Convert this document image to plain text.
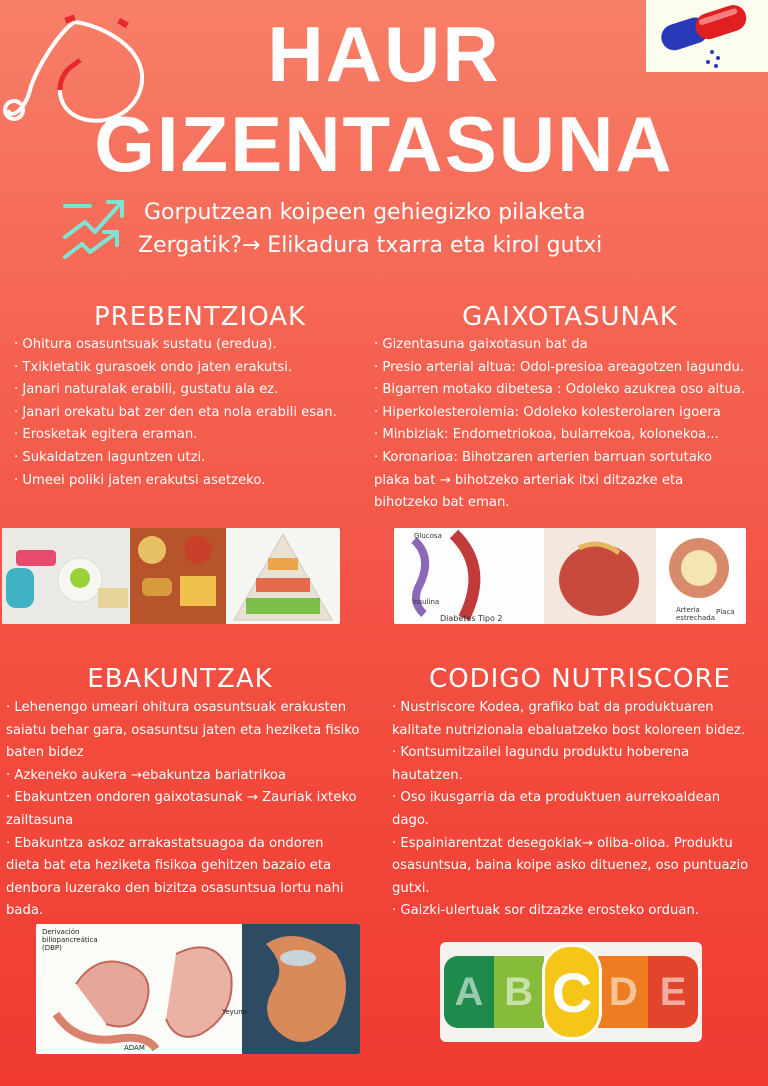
HAUR
GIZENTASUNA
Gorputzean koipeen gehiegizko pilaketa
Zergatik?→ Elikadura txarra eta kirol gutxi
PREBENTZIOAK
· Ohitura osasuntsuak sustatu (eredua).
· Txikietatik gurasoek ondo jaten erakutsi.
· Janari naturalak erabili, gustatu ala ez.
· Janari orekatu bat zer den eta nola erabili esan.
· Erosketak egitera eraman.
· Sukaldatzen laguntzen utzi.
· Umeei poliki jaten erakutsi asetzeko.
GAIXOTASUNAK
· Gizentasuna gaixotasun bat da
· Presio arterial altua: Odol-presioa areagotzen lagundu.
· Bigarren motako dibetesa : Odoleko azukrea oso altua.
· Hiperkolesterolemia: Odoleko kolesterolaren igoera
· Minbiziak: Endometriokoa, bularrekoa, kolonekoa...
· Koronarioa: Bihotzaren arterien barruan sortutako
plaka bat → bihotzeko arteriak itxi ditzazke eta
bihotzeko bat eman.
Glucosa
Insulina
Diabetes Tipo 2
Arteria estrechada
Placa
EBAKUNTZAK
· Lehenengo umeari ohitura osasuntsuak erakusten
saiatu behar gara, osasuntsu jaten eta heziketa fisiko
baten bidez
· Azkeneko aukera →ebakuntza bariatrikoa
· Ebakuntzen ondoren gaixotasunak → Zauriak ixteko
zailtasuna
· Ebakuntza askoz arrakastatsuagoa da ondoren
dieta bat eta heziketa fisikoa gehitzen bazaio eta
denbora luzerako den bizitza osasuntsua lortu nahi
bada.
CODIGO NUTRISCORE
· Nustriscore Kodea, grafiko bat da produktuaren
kalitate nutrizionala ebaluatzeko bost koloreen bidez.
· Kontsumitzailei lagundu produktu hoberena
hautatzen.
· Oso ikusgarria da eta produktuen aurrekoaldean
dago.
· Espainiarentzat desegokiak→ oliba-olioa. Produktu
osasuntsua, baina koipe asko dituenez, oso puntuazio
gutxi.
· Gaizki-ulertuak sor ditzazke erosteko orduan.
Derivación biliopancreática (DBP)
ADAM
Yeyuno	A B D E
C
